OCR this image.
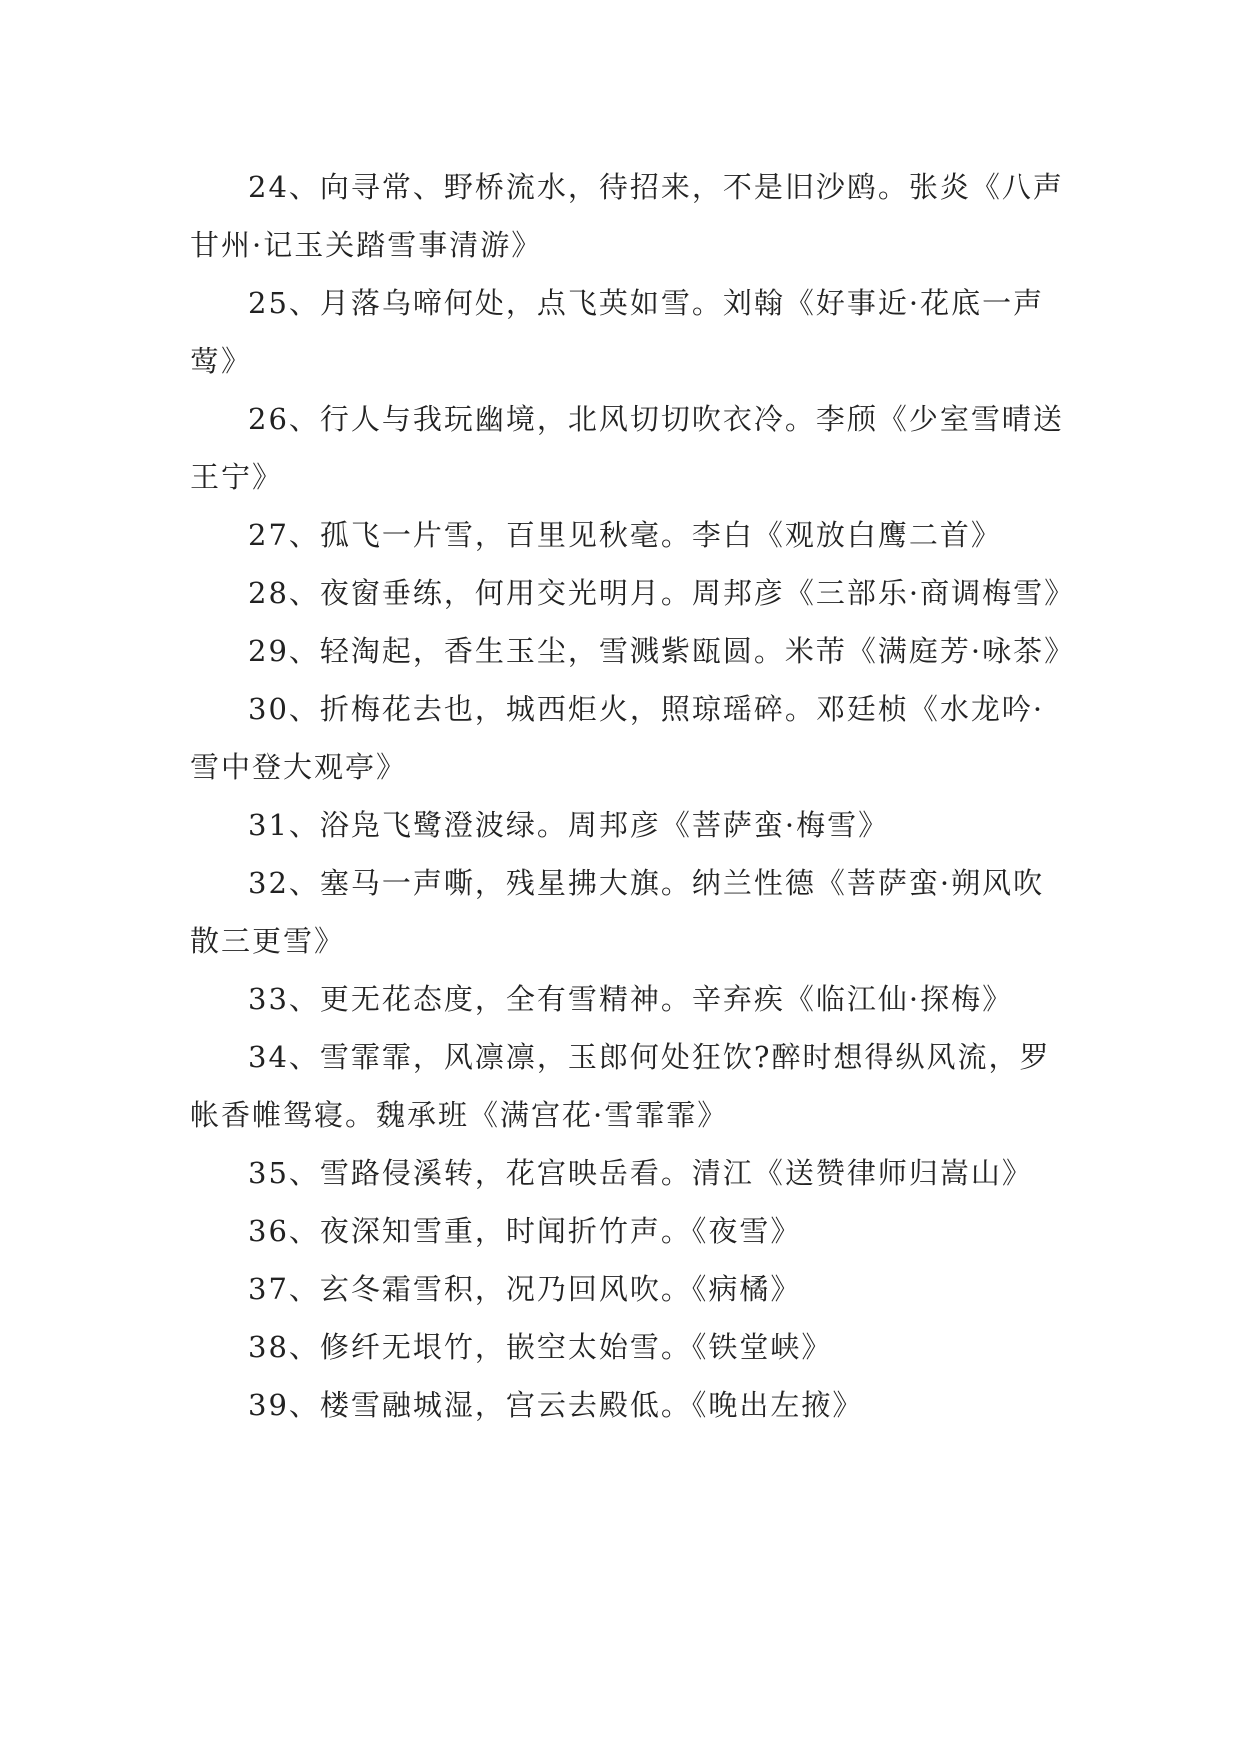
24、向寻常、野桥流水，待招来，不是旧沙鸥。张炎《八声甘州·记玉关踏雪事清游》

25、月落乌啼何处，点飞英如雪。刘翰《好事近·花底一声莺》

26、行人与我玩幽境，北风切切吹衣冷。李颀《少室雪晴送王宁》

27、孤飞一片雪，百里见秋毫。李白《观放白鹰二首》

28、夜窗垂练，何用交光明月。周邦彦《三部乐·商调梅雪》

29、轻淘起，香生玉尘，雪溅紫瓯圆。米芾《满庭芳·咏茶》

30、折梅花去也，城西炬火，照琼瑶碎。邓廷桢《水龙吟·雪中登大观亭》

31、浴凫飞鹭澄波绿。周邦彦《菩萨蛮·梅雪》

32、塞马一声嘶，残星拂大旗。纳兰性德《菩萨蛮·朔风吹散三更雪》

33、更无花态度，全有雪精神。辛弃疾《临江仙·探梅》

34、雪霏霏，风凛凛，玉郎何处狂饮?醉时想得纵风流，罗帐香帷鸳寝。魏承班《满宫花·雪霏霏》

35、雪路侵溪转，花宫映岳看。清江《送赞律师归嵩山》

36、夜深知雪重，时闻折竹声。《夜雪》

37、玄冬霜雪积，况乃回风吹。《病橘》

38、修纤无垠竹，嵌空太始雪。《铁堂峡》

39、楼雪融城湿，宫云去殿低。《晚出左掖》
